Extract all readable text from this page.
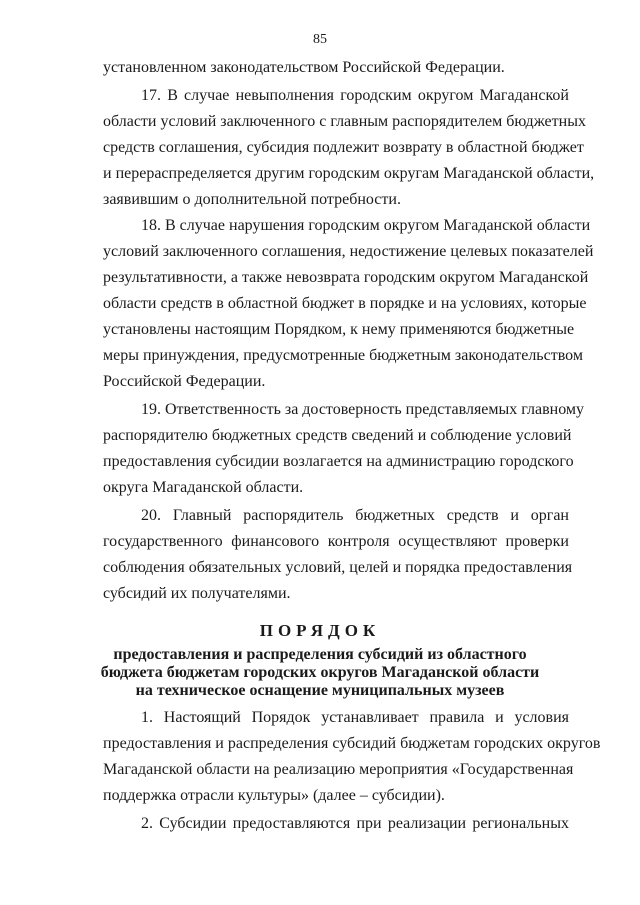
85
установленном законодательством Российской Федерации.
17. В случае невыполнения городским округом Магаданской
области условий заключенного с главным распорядителем бюджетных
средств соглашения, субсидия подлежит возврату в областной бюджет
и перераспределяется другим городским округам Магаданской области,
заявившим о дополнительной потребности.
18. В случае нарушения городским округом Магаданской области
условий заключенного соглашения, недостижение целевых показателей
результативности, а также невозврата городским округом Магаданской
области средств в областной бюджет в порядке и на условиях, которые
установлены настоящим Порядком, к нему применяются бюджетные
меры принуждения, предусмотренные бюджетным законодательством
Российской Федерации.
19. Ответственность за достоверность представляемых главному
распорядителю бюджетных средств сведений и соблюдение условий
предоставления субсидии возлагается на администрацию городского
округа Магаданской области.
20. Главный распорядитель бюджетных средств и орган
государственного финансового контроля осуществляют проверки
соблюдения обязательных условий, целей и порядка предоставления
субсидий их получателями.
ПОРЯДОК
предоставления и распределения субсидий из областного
бюджета бюджетам городских округов Магаданской области
на техническое оснащение муниципальных музеев
1. Настоящий Порядок устанавливает правила и условия
предоставления и распределения субсидий бюджетам городских округов
Магаданской области на реализацию мероприятия «Государственная
поддержка отрасли культуры» (далее – субсидии).
2. Субсидии предоставляются при реализации региональных
